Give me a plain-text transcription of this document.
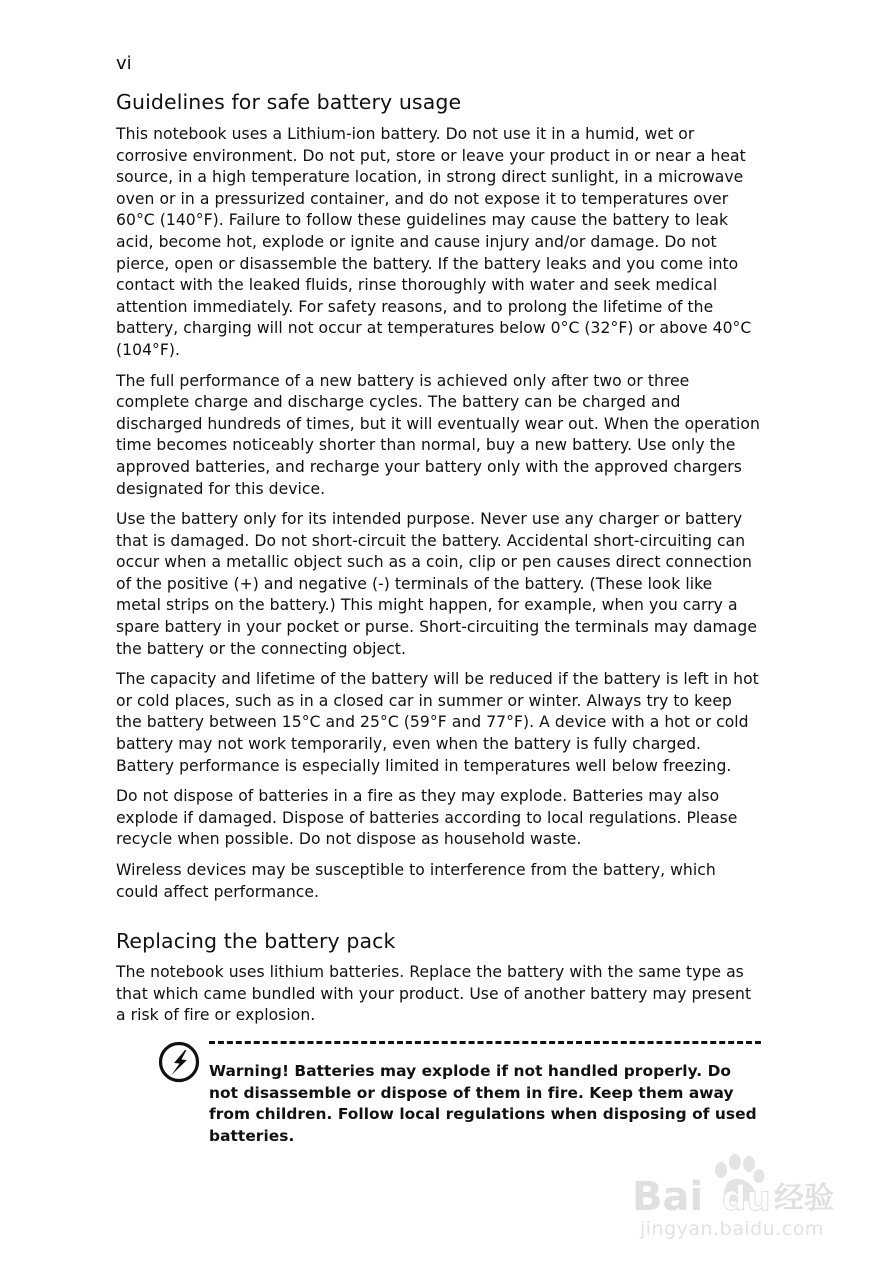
vi
Guidelines for safe battery usage

This notebook uses a Lithium-ion battery. Do not use it in a humid, wet or corrosive environment. Do not put, store or leave your product in or near a heat source, in a high temperature location, in strong direct sunlight, in a microwave oven or in a pressurized container, and do not expose it to temperatures over 60°C (140°F). Failure to follow these guidelines may cause the battery to leak acid, become hot, explode or ignite and cause injury and/or damage. Do not pierce, open or disassemble the battery. If the battery leaks and you come into contact with the leaked fluids, rinse thoroughly with water and seek medical attention immediately. For safety reasons, and to prolong the lifetime of the battery, charging will not occur at temperatures below 0°C (32°F) or above 40°C (104°F).

The full performance of a new battery is achieved only after two or three complete charge and discharge cycles. The battery can be charged and discharged hundreds of times, but it will eventually wear out. When the operation time becomes noticeably shorter than normal, buy a new battery. Use only the approved batteries, and recharge your battery only with the approved chargers designated for this device.

Use the battery only for its intended purpose. Never use any charger or battery that is damaged. Do not short-circuit the battery. Accidental short-circuiting can occur when a metallic object such as a coin, clip or pen causes direct connection of the positive (+) and negative (-) terminals of the battery. (These look like metal strips on the battery.) This might happen, for example, when you carry a spare battery in your pocket or purse. Short-circuiting the terminals may damage the battery or the connecting object.

The capacity and lifetime of the battery will be reduced if the battery is left in hot or cold places, such as in a closed car in summer or winter. Always try to keep the battery between 15°C and 25°C (59°F and 77°F). A device with a hot or cold battery may not work temporarily, even when the battery is fully charged. Battery performance is especially limited in temperatures well below freezing.

Do not dispose of batteries in a fire as they may explode. Batteries may also explode if damaged. Dispose of batteries according to local regulations. Please recycle when possible. Do not dispose as household waste.

Wireless devices may be susceptible to interference from the battery, which could affect performance.

Replacing the battery pack

The notebook uses lithium batteries. Replace the battery with the same type as that which came bundled with your product. Use of another battery may present a risk of fire or explosion.

Warning! Batteries may explode if not handled properly. Do not disassemble or dispose of them in fire. Keep them away from children. Follow local regulations when disposing of used batteries.

Bai du 经验
jingyan.baidu.com
